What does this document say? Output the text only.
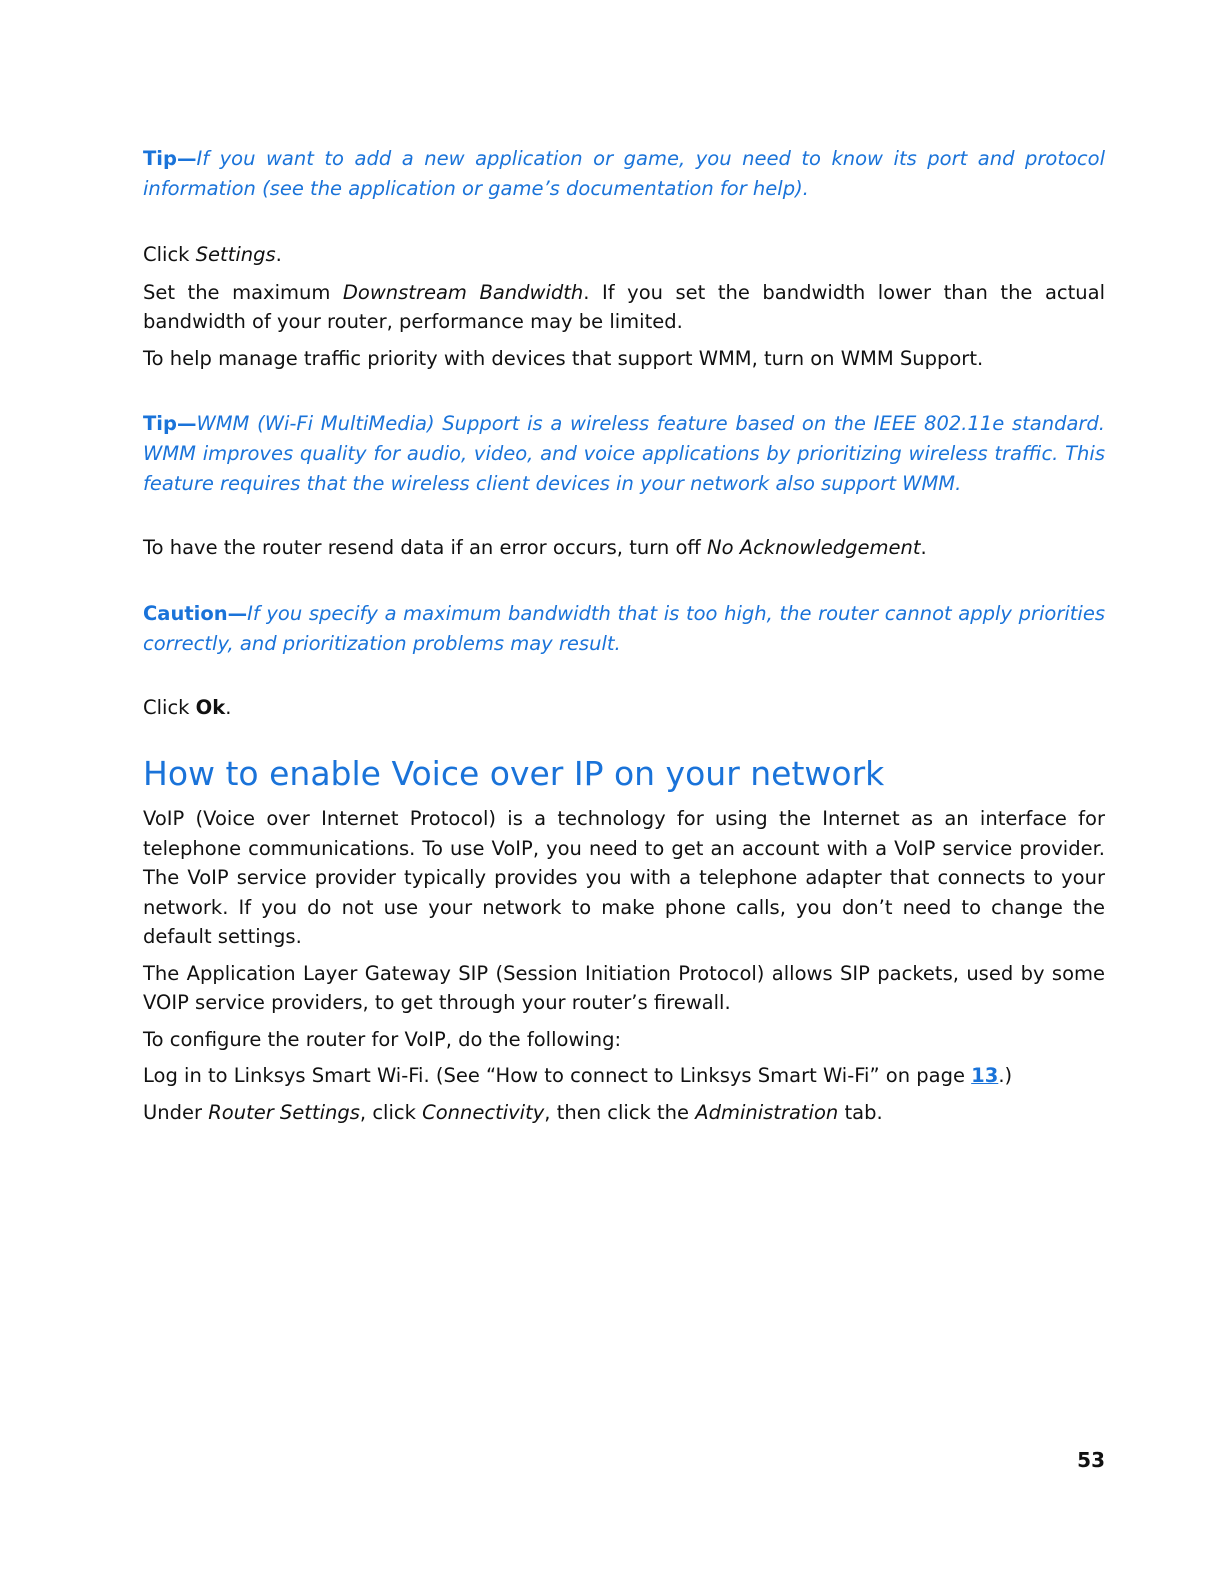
Tip—If you want to add a new application or game, you need to know its port and protocol information (see the application or game’s documentation for help).

Click Settings.

Set the maximum Downstream Bandwidth. If you set the bandwidth lower than the actual bandwidth of your router, performance may be limited.

To help manage traffic priority with devices that support WMM, turn on WMM Support.

Tip—WMM (Wi-Fi MultiMedia) Support is a wireless feature based on the IEEE 802.11e standard. WMM improves quality for audio, video, and voice applications by prioritizing wireless traffic. This feature requires that the wireless client devices in your network also support WMM.

To have the router resend data if an error occurs, turn off No Acknowledgement.

Caution—If you specify a maximum bandwidth that is too high, the router cannot apply priorities correctly, and prioritization problems may result.

Click Ok.

How to enable Voice over IP on your network

VoIP (Voice over Internet Protocol) is a technology for using the Internet as an interface for telephone communications. To use VoIP, you need to get an account with a VoIP service provider. The VoIP service provider typically provides you with a telephone adapter that connects to your network. If you do not use your network to make phone calls, you don’t need to change the default settings.

The Application Layer Gateway SIP (Session Initiation Protocol) allows SIP packets, used by some VOIP service providers, to get through your router’s firewall.

To configure the router for VoIP, do the following:

Log in to Linksys Smart Wi-Fi. (See “How to connect to Linksys Smart Wi-Fi” on page 13.)

Under Router Settings, click Connectivity, then click the Administration tab.

53
